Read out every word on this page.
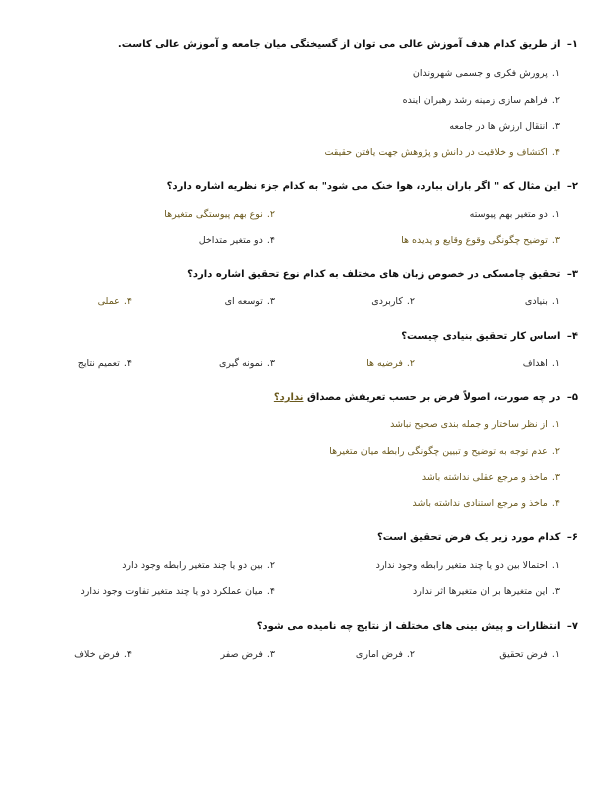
۱– از طریق کدام هدف آموزش عالی می توان از گسیختگی میان جامعه و آموزش عالی کاست.
۱.پرورش فکری و جسمی شهروندان
۲.فراهم سازی زمینه رشد رهبران اینده
۳.انتقال ارزش ها در جامعه
۴.اکتشاف و خلاقیت در دانش و پژوهش جهت یافتن حقیقت
۲– این مثال که " اگر باران ببارد، هوا خنک می شود" به کدام جزء نظریه اشاره دارد؟
۱.دو متغیر بهم پیوسته
۲.نوع بهم پیوستگی متغیرها
۳.توضیح چگونگی وقوع وقایع و پدیده ها
۴.دو متغیر متداخل
۳– تحقیق چامسکی در خصوص زبان های مختلف به کدام نوع تحقیق اشاره دارد؟
۱.بنیادی
۲.کاربردی
۳.توسعه ای
۴.عملی
۴– اساس کار تحقیق بنیادی چیست؟
۱.اهداف
۲.فرضیه ها
۳.نمونه گیری
۴.تعمیم نتایج
۵– در چه صورت، اصولاً فرض بر حسب تعریفش مصداق ندارد؟
۱.از نظر ساختار و جمله بندی صحیح نباشد
۲.عدم توجه به توضیح و تبیین چگونگی رابطه میان متغیرها
۳.ماخذ و مرجع عقلی نداشته باشد
۴.ماخذ و مرجع استنادی نداشته باشد
۶– کدام مورد زیر یک فرض تحقیق است؟
۱.احتمالا بین دو یا چند متغیر رابطه وجود ندارد
۲.بین دو یا چند متغیر رابطه وجود دارد
۳.این متغیرها بر ان متغیرها اثر ندارد
۴.میان عملکرد دو یا چند متغیر تفاوت وجود ندارد
۷– انتظارات و پیش بینی های مختلف از نتایج چه نامیده می شود؟
۱.فرض تحقیق
۲.فرض اماری
۳.فرض صفر
۴.فرض خلاف
